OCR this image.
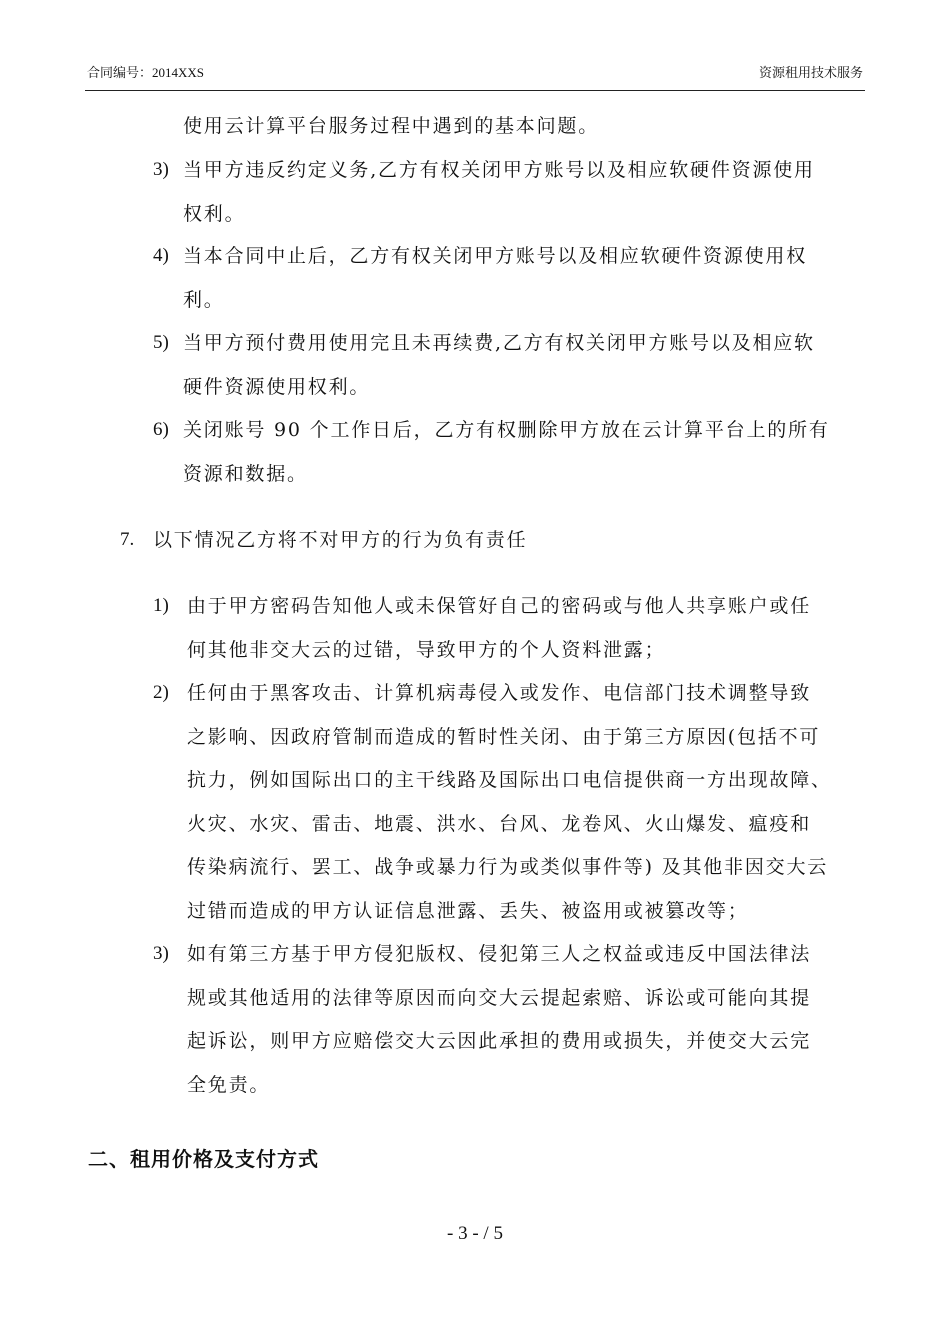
合同编号：2014XXS	资源租用技术服务
使用云计算平台服务过程中遇到的基本问题。
3) 当甲方违反约定义务,乙方有权关闭甲方账号以及相应软硬件资源使用
权利。
4) 当本合同中止后，乙方有权关闭甲方账号以及相应软硬件资源使用权
利。
5) 当甲方预付费用使用完且未再续费,乙方有权关闭甲方账号以及相应软
硬件资源使用权利。
6) 关闭账号 90 个工作日后，乙方有权删除甲方放在云计算平台上的所有
资源和数据。
7. 以下情况乙方将不对甲方的行为负有责任
1) 由于甲方密码告知他人或未保管好自己的密码或与他人共享账户或任
何其他非交大云的过错，导致甲方的个人资料泄露；
2) 任何由于黑客攻击、计算机病毒侵入或发作、电信部门技术调整导致
之影响、因政府管制而造成的暂时性关闭、由于第三方原因(包括不可
抗力，例如国际出口的主干线路及国际出口电信提供商一方出现故障、
火灾、水灾、雷击、地震、洪水、台风、龙卷风、火山爆发、瘟疫和
传染病流行、罢工、战争或暴力行为或类似事件等) 及其他非因交大云
过错而造成的甲方认证信息泄露、丢失、被盗用或被篡改等；
3) 如有第三方基于甲方侵犯版权、侵犯第三人之权益或违反中国法律法
规或其他适用的法律等原因而向交大云提起索赔、诉讼或可能向其提
起诉讼，则甲方应赔偿交大云因此承担的费用或损失，并使交大云完
全免责。
二、租用价格及支付方式
- 3 - / 5
